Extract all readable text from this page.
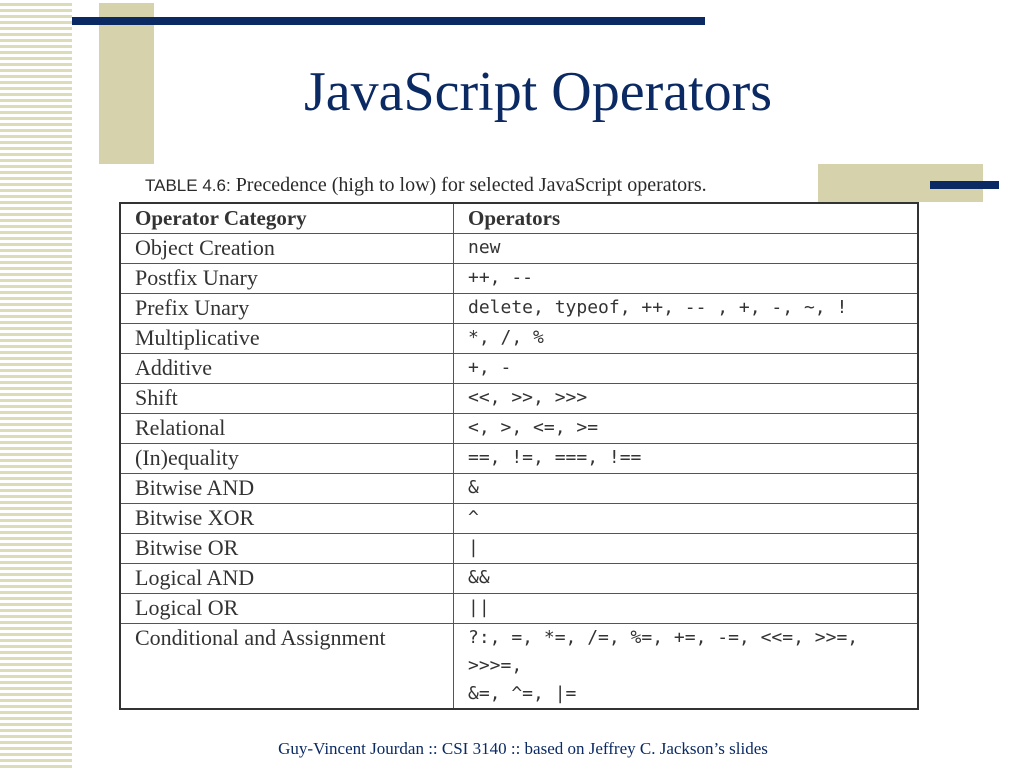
JavaScript Operators
TABLE 4.6: Precedence (high to low) for selected JavaScript operators.
Operator Category	Operators
Object Creation	new
Postfix Unary	++, --
Prefix Unary	delete, typeof, ++, -- , +, -, ~, !
Multiplicative	*, /, %
Additive	+, -
Shift	<<, >>, >>>
Relational	<, >, <=, >=
(In)equality	==, !=, ===, !==
Bitwise AND	&
Bitwise XOR	^
Bitwise OR	|
Logical AND	&&
Logical OR	||
Conditional and Assignment	?:, =, *=, /=, %=, +=, -=, <<=, >>=, >>>=,
&=, ^=, |=
Guy-Vincent Jourdan :: CSI 3140 :: based on Jeffrey C. Jackson’s slides
